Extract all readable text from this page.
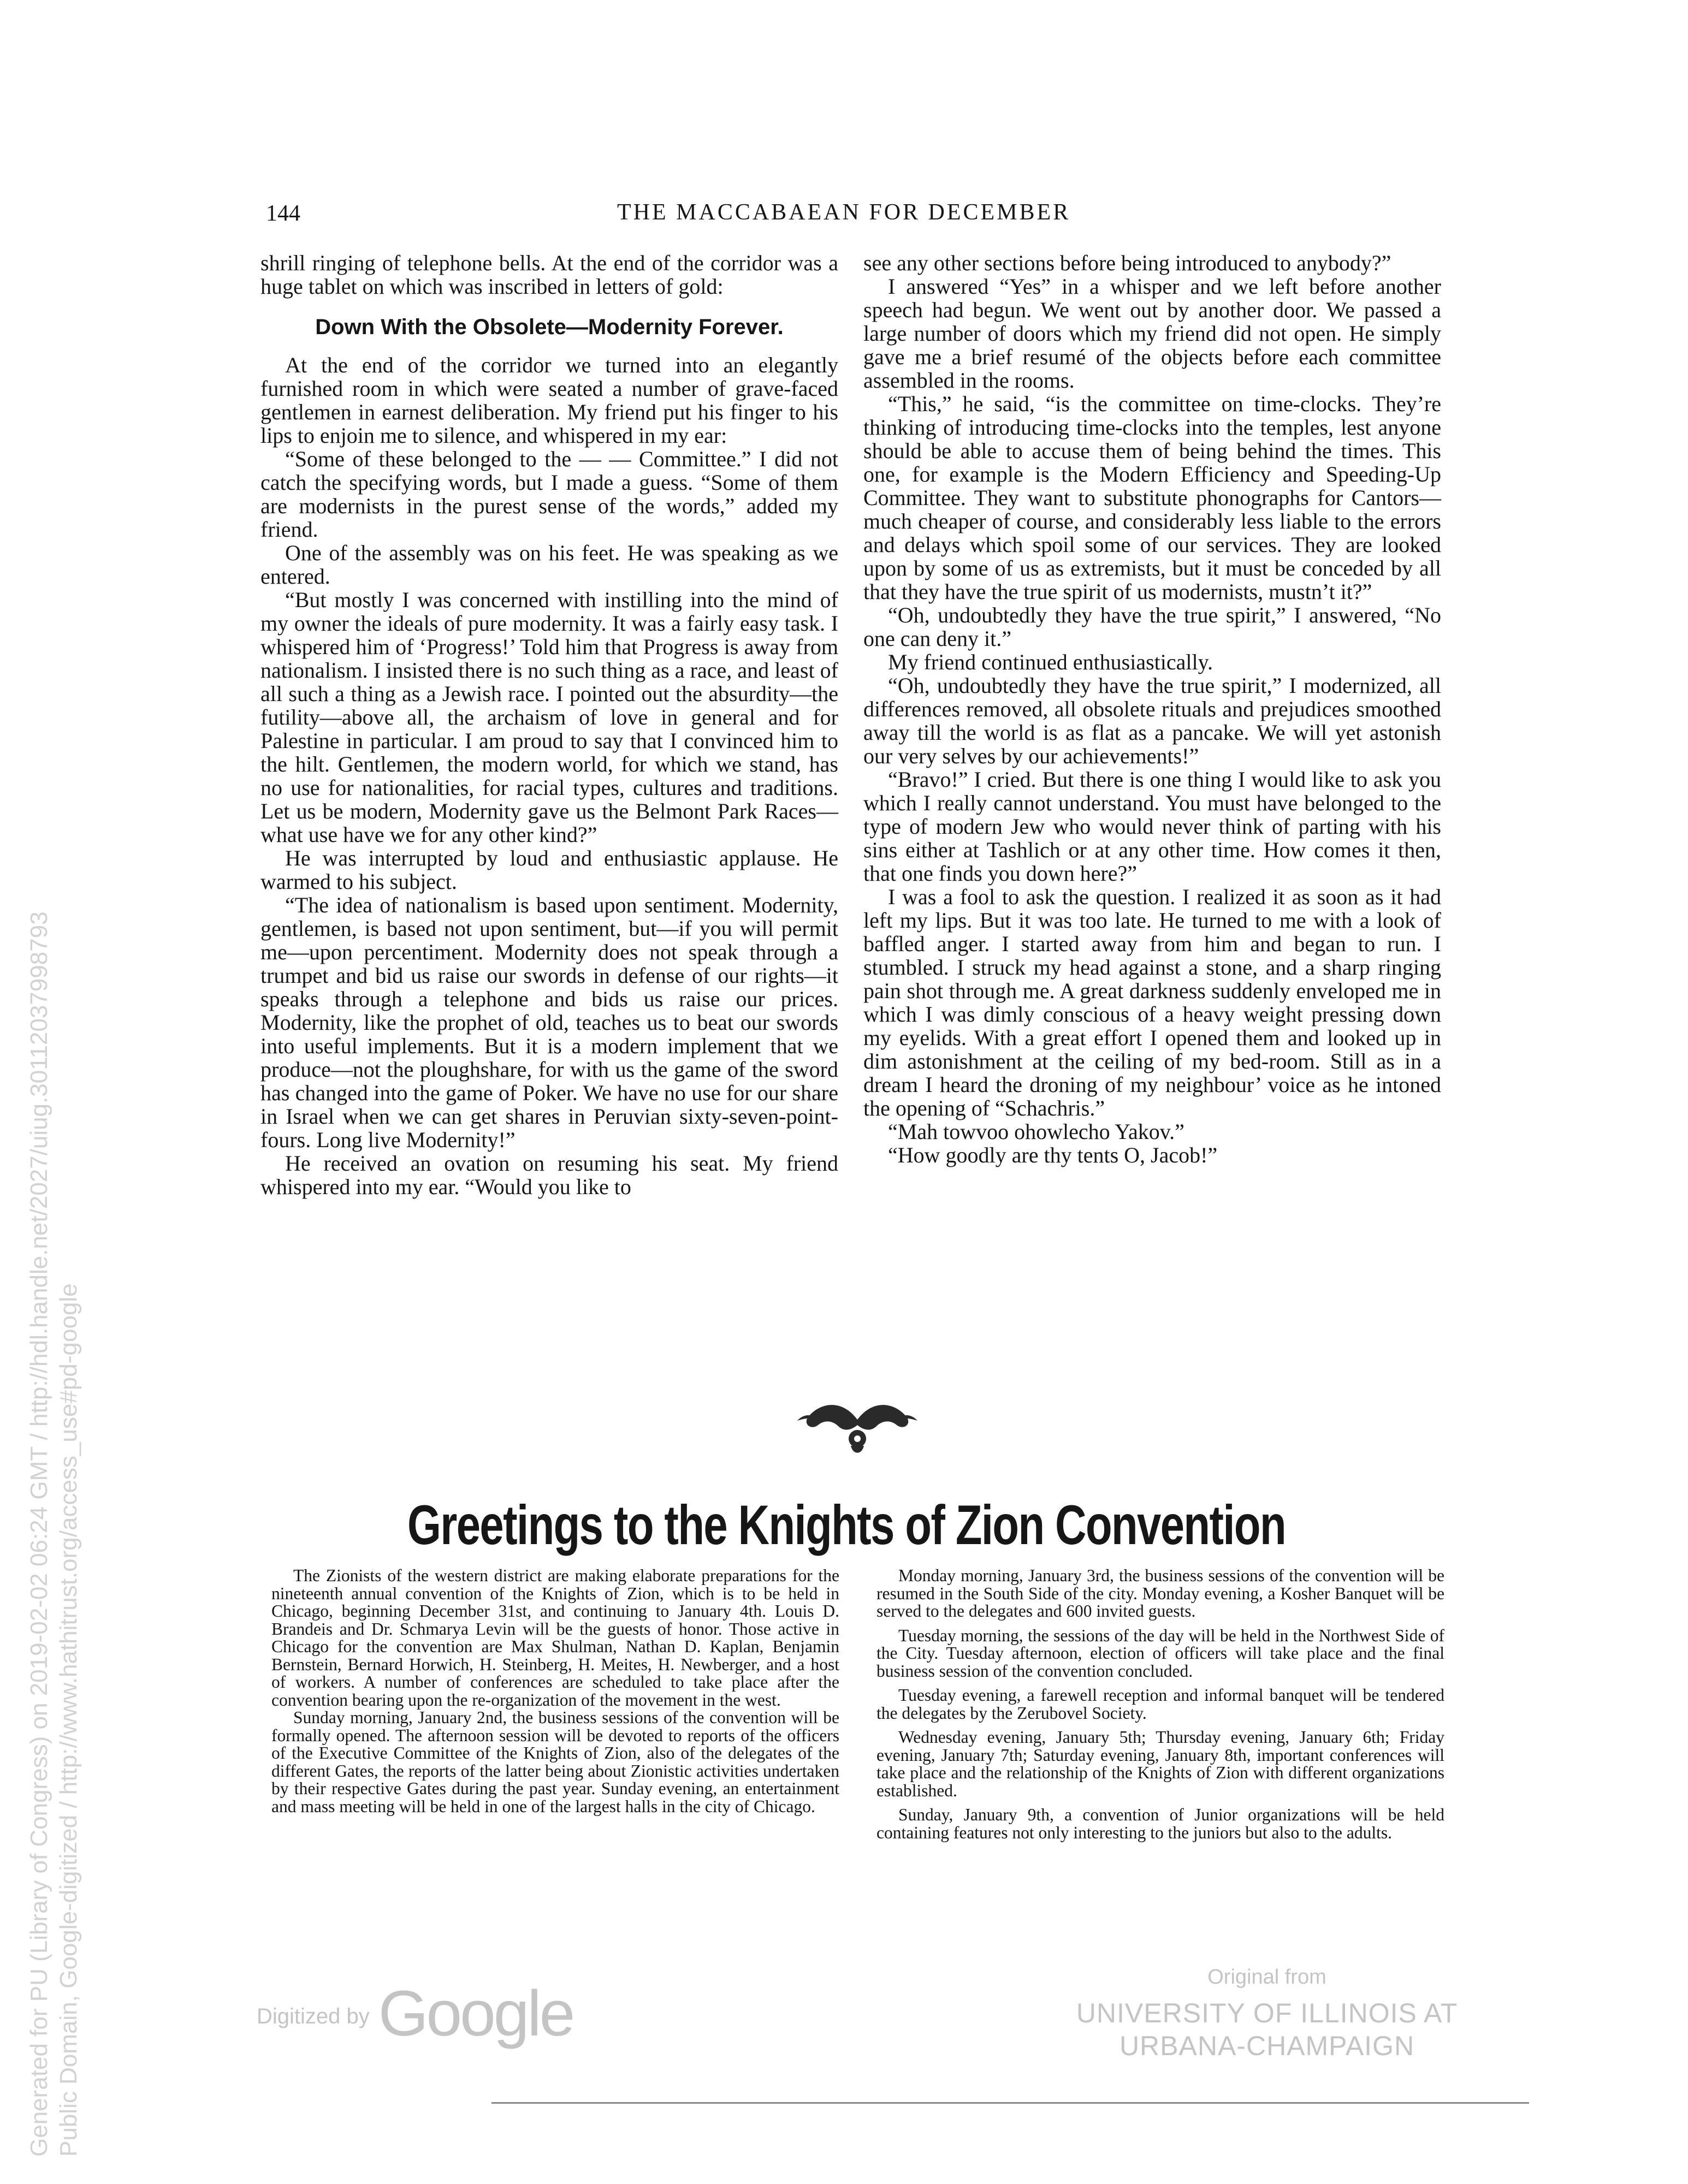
144	THE MACCABAEAN FOR DECEMBER

shrill ringing of telephone bells. At the end of the corridor was a huge tablet on which was inscribed in letters of gold:

Down With the Obsolete—Modernity Forever.

At the end of the corridor we turned into an elegantly furnished room in which were seated a number of grave-faced gentlemen in earnest deliberation. My friend put his finger to his lips to enjoin me to silence, and whispered in my ear:

“Some of these belonged to the — — Committee.” I did not catch the specifying words, but I made a guess. “Some of them are modernists in the purest sense of the words,” added my friend.

One of the assembly was on his feet. He was speaking as we entered.

“But mostly I was concerned with instilling into the mind of my owner the ideals of pure modernity. It was a fairly easy task. I whispered him of ‘Progress!’ Told him that Progress is away from nationalism. I insisted there is no such thing as a race, and least of all such a thing as a Jewish race. I pointed out the absurdity—the futility—above all, the archaism of love in general and for Palestine in particular. I am proud to say that I convinced him to the hilt. Gentlemen, the modern world, for which we stand, has no use for nationalities, for racial types, cultures and traditions. Let us be modern, Modernity gave us the Belmont Park Races—what use have we for any other kind?”

He was interrupted by loud and enthusiastic applause. He warmed to his subject.

“The idea of nationalism is based upon sentiment. Modernity, gentlemen, is based not upon sentiment, but—if you will permit me—upon percentiment. Modernity does not speak through a trumpet and bid us raise our swords in defense of our rights—it speaks through a telephone and bids us raise our prices. Modernity, like the prophet of old, teaches us to beat our swords into useful implements. But it is a modern implement that we produce—not the ploughshare, for with us the game of the sword has changed into the game of Poker. We have no use for our share in Israel when we can get shares in Peruvian sixty-seven-point-fours. Long live Modernity!”

He received an ovation on resuming his seat. My friend whispered into my ear. “Would you like to

see any other sections before being introduced to anybody?”

I answered “Yes” in a whisper and we left before another speech had begun. We went out by another door. We passed a large number of doors which my friend did not open. He simply gave me a brief resumé of the objects before each committee assembled in the rooms.

“This,” he said, “is the committee on time-clocks. They’re thinking of introducing time-clocks into the temples, lest anyone should be able to accuse them of being behind the times. This one, for example is the Modern Efficiency and Speeding-Up Committee. They want to substitute phonographs for Cantors—much cheaper of course, and considerably less liable to the errors and delays which spoil some of our services. They are looked upon by some of us as extremists, but it must be conceded by all that they have the true spirit of us modernists, mustn’t it?”

“Oh, undoubtedly they have the true spirit,” I answered, “No one can deny it.”

My friend continued enthusiastically.

“Oh, undoubtedly they have the true spirit,” I modernized, all differences removed, all obsolete rituals and prejudices smoothed away till the world is as flat as a pancake. We will yet astonish our very selves by our achievements!”

“Bravo!” I cried. But there is one thing I would like to ask you which I really cannot understand. You must have belonged to the type of modern Jew who would never think of parting with his sins either at Tashlich or at any other time. How comes it then, that one finds you down here?”

I was a fool to ask the question. I realized it as soon as it had left my lips. But it was too late. He turned to me with a look of baffled anger. I started away from him and began to run. I stumbled. I struck my head against a stone, and a sharp ringing pain shot through me. A great darkness suddenly enveloped me in which I was dimly conscious of a heavy weight pressing down my eyelids. With a great effort I opened them and looked up in dim astonishment at the ceiling of my bed-room. Still as in a dream I heard the droning of my neighbour’ voice as he intoned the opening of “Schachris.”

“Mah towvoo ohowlecho Yakov.”

“How goodly are thy tents O, Jacob!”

Greetings to the Knights of Zion Convention

The Zionists of the western district are making elaborate preparations for the nineteenth annual convention of the Knights of Zion, which is to be held in Chicago, beginning December 31st, and continuing to January 4th. Louis D. Brandeis and Dr. Schmarya Levin will be the guests of honor. Those active in Chicago for the convention are Max Shulman, Nathan D. Kaplan, Benjamin Bernstein, Bernard Horwich, H. Steinberg, H. Meites, H. Newberger, and a host of workers. A number of conferences are scheduled to take place after the convention bearing upon the re-organization of the movement in the west.

Sunday morning, January 2nd, the business sessions of the convention will be formally opened. The afternoon session will be devoted to reports of the officers of the Executive Committee of the Knights of Zion, also of the delegates of the different Gates, the reports of the latter being about Zionistic activities undertaken by their respective Gates during the past year. Sunday evening, an entertainment and mass meeting will be held in one of the largest halls in the city of Chicago.

Monday morning, January 3rd, the business sessions of the convention will be resumed in the South Side of the city. Monday evening, a Kosher Banquet will be served to the delegates and 600 invited guests.

Tuesday morning, the sessions of the day will be held in the Northwest Side of the City. Tuesday afternoon, election of officers will take place and the final business session of the convention concluded.

Tuesday evening, a farewell reception and informal banquet will be tendered the delegates by the Zerubovel Society.

Wednesday evening, January 5th; Thursday evening, January 6th; Friday evening, January 7th; Saturday evening, January 8th, important conferences will take place and the relationship of the Knights of Zion with different organizations established.

Sunday, January 9th, a convention of Junior organizations will be held containing features not only interesting to the juniors but also to the adults.

Digitized by Google
Original from
UNIVERSITY OF ILLINOIS AT
URBANA-CHAMPAIGN
Generated for PU (Library of Congress) on 2019-02-02 06:24 GMT / http://hdl.handle.net/2027/uiug.30112037998793 Public Domain, Google-digitized / http://www.hathitrust.org/access_use#pd-google
